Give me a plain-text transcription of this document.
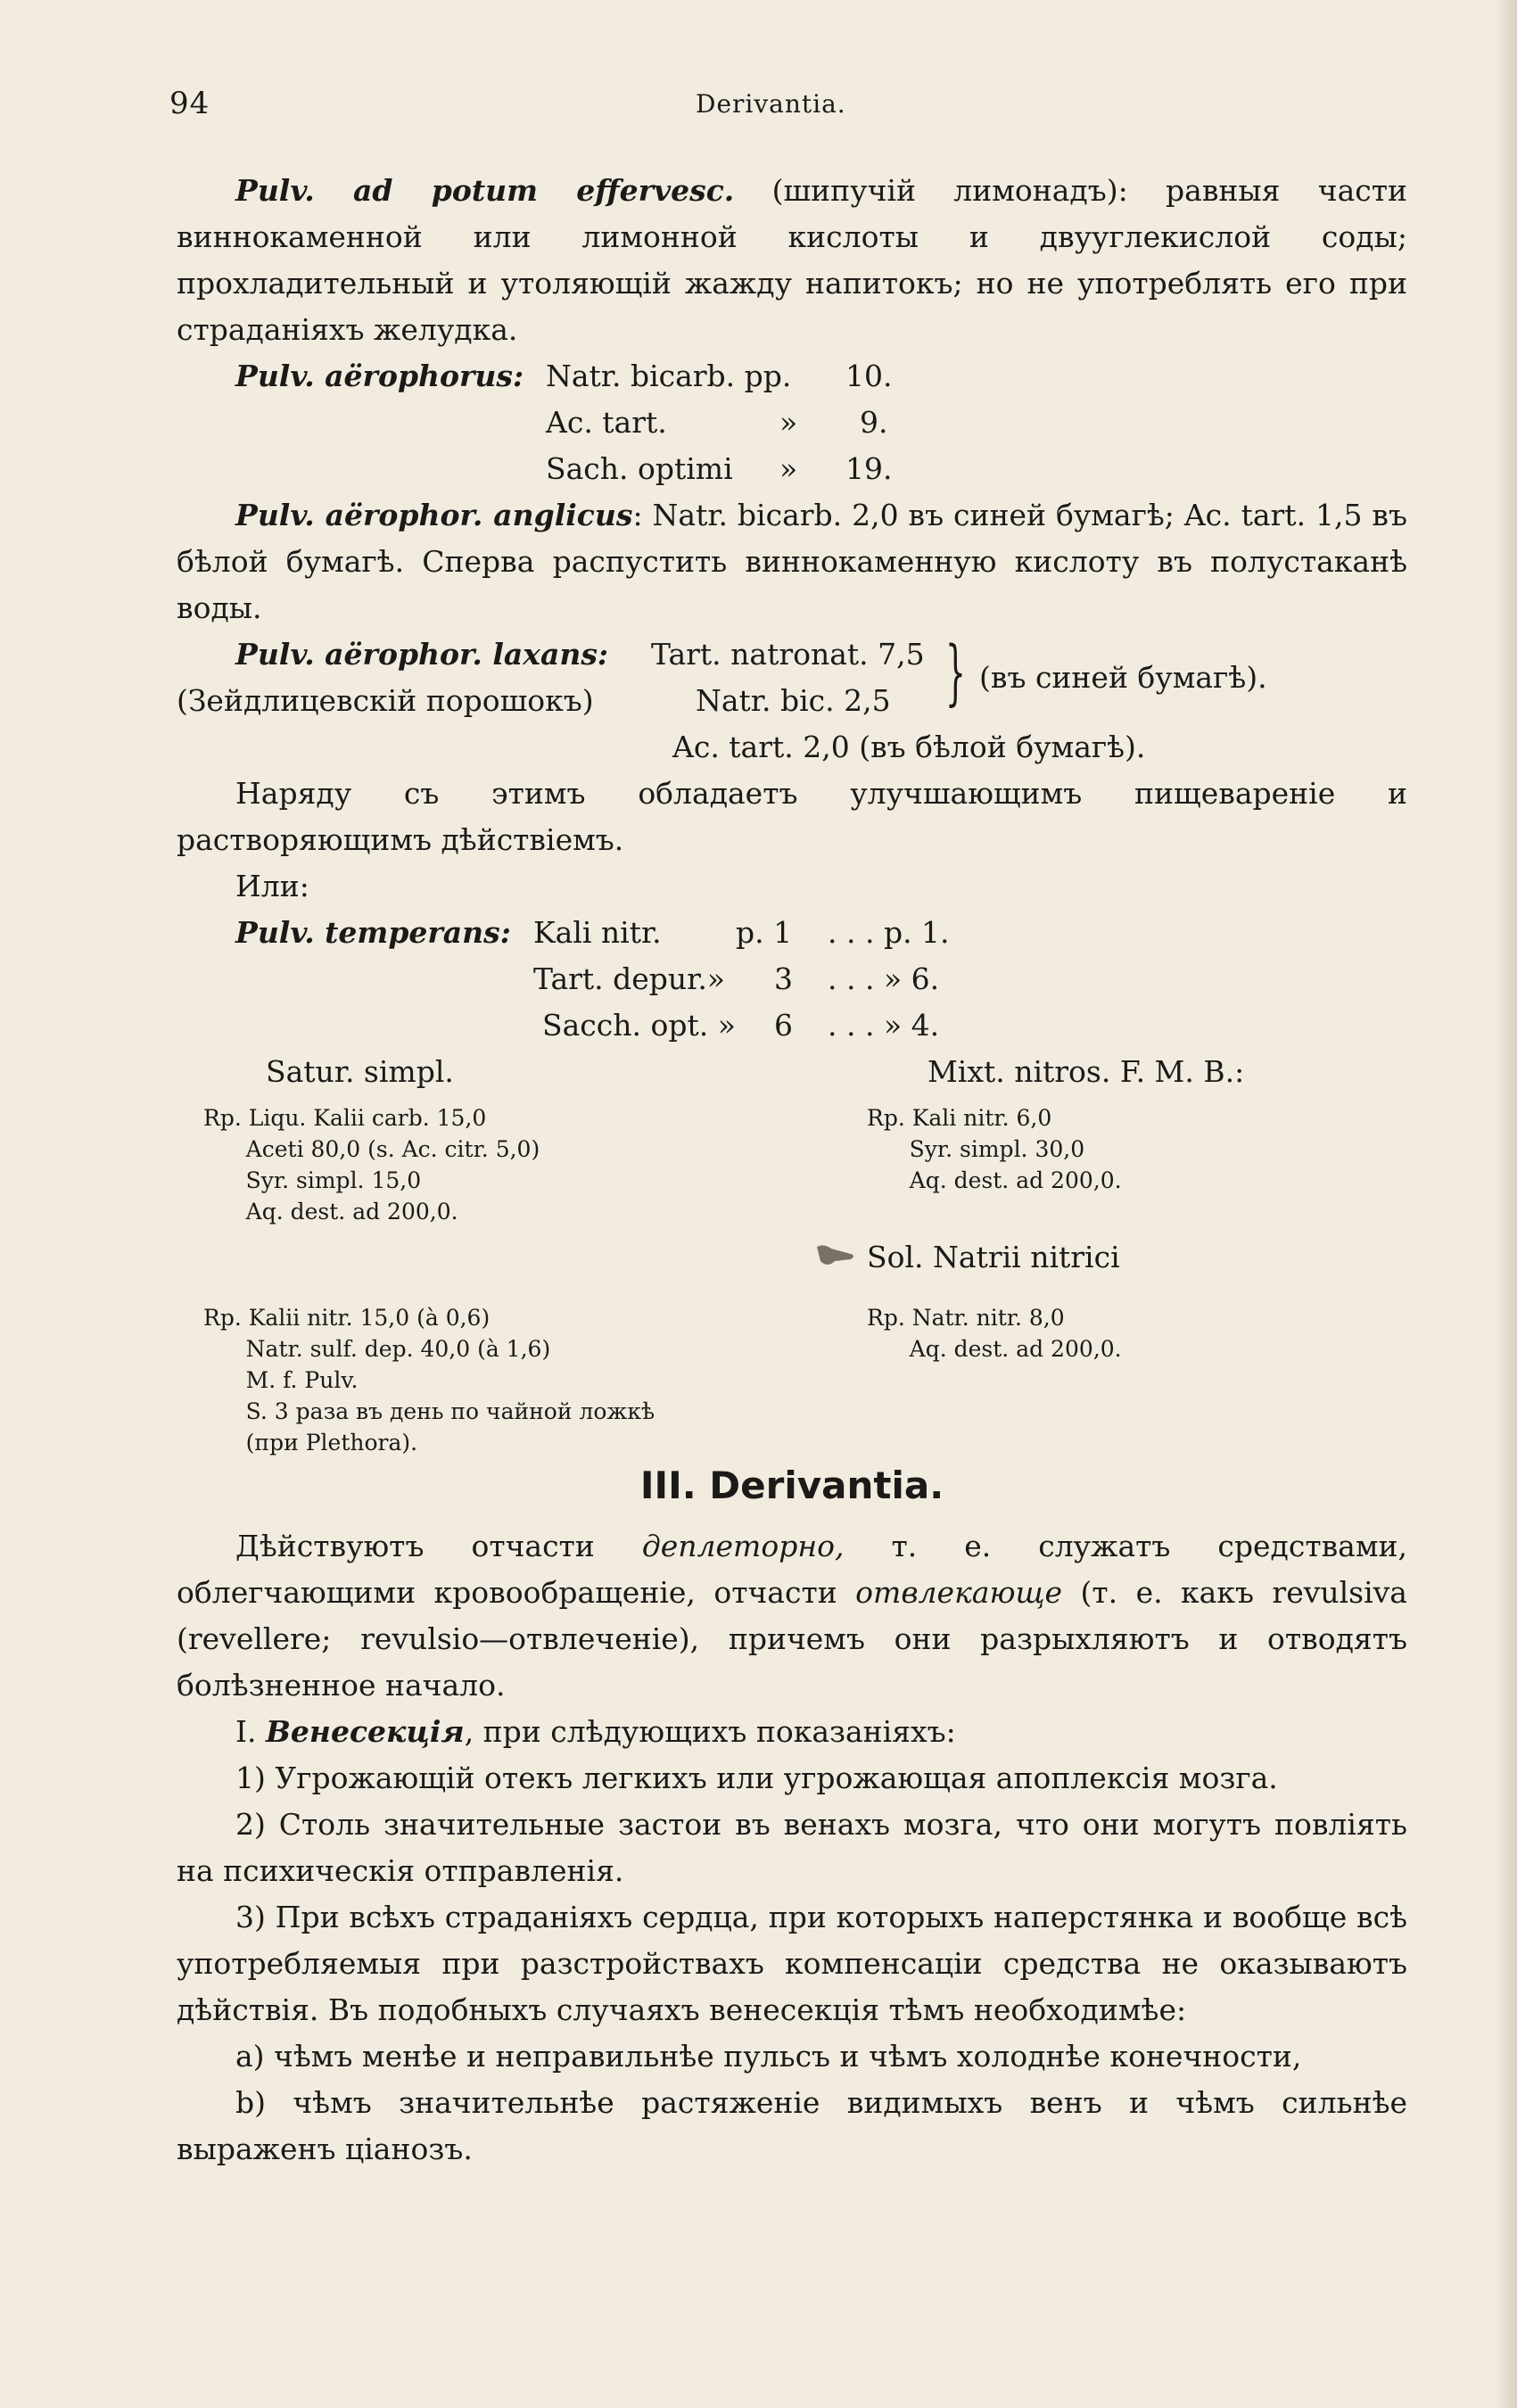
94	Derivantia.

Pulv. ad potum effervesc. (шипучій лимонадъ): равныя части виннокаменной или лимонной кислоты и двууглекислой соды; прохладительный и утоляющій жажду напитокъ; но не употреблять его при страданіяхъ желудка.

Pulv. aërophorus: Natr. bicarb. pp. 10.
Ac. tart.	» 9.
Sach. optimi » 19.

Pulv. aërophor. anglicus: Natr. bicarb. 2,0 въ синей бумагѣ; Ac. tart. 1,5 въ бѣлой бумагѣ. Сперва распустить виннокаменную кислоту въ полустаканѣ воды.

Pulv. aërophor. laxans: Tart. natronat. 7,5 } (въ синей бумагѣ).
(Зейдлицевскій порошокъ)	Natr. bic. 2,5
Ac. tart. 2,0 (въ бѣлой бумагѣ).

Наряду съ этимъ обладаетъ улучшающимъ пищевареніе и растворяющимъ дѣйствіемъ.

Или:

Pulv. temperans: Kali nitr.	p. 1 . . . p. 1.
Tart. depur.» 3 . . . » 6.
Sacch. opt. » 6 . . . » 4.
Satur. simpl.	Mixt. nitros. F. M. B.:
Rp. Liqu. Kalii carb. 15,0
Aceti 80,0 (s. Ac. citr. 5,0)
Syr. simpl. 15,0
Aq. dest. ad 200,0.
Rp. Kali nitr. 6,0
Syr. simpl. 30,0
Aq. dest. ad 200,0.
Sol. Natrii nitrici
Rp. Kalii nitr. 15,0 (à 0,6)
Natr. sulf. dep. 40,0 (à 1,6)
M. f. Pulv.
S. 3 раза въ день по чайной ложкѣ
(при Plethora).
Rp. Natr. nitr. 8,0
Aq. dest. ad 200,0.
III. Derivantia.

Дѣйствуютъ отчасти деплеторно, т. е. служатъ средствами, облегчающими кровообращеніе, отчасти отвлекающе (т. е. какъ revulsiva (revellere; revulsio—отвлеченіе), причемъ они разрыхляютъ и отводятъ болѣзненное начало.

I. Венесекція, при слѣдующихъ показаніяхъ:

1) Угрожающій отекъ легкихъ или угрожающая апоплексія мозга.

2) Столь значительные застои въ венахъ мозга, что они могутъ повліять на психическія отправленія.

3) При всѣхъ страданіяхъ сердца, при которыхъ наперстянка и вообще всѣ употребляемыя при разстройствахъ компенсаціи средства не оказываютъ дѣйствія. Въ подобныхъ случаяхъ венесекція тѣмъ необходимѣе:

a) чѣмъ менѣе и неправильнѣе пульсъ и чѣмъ холоднѣе конечности,

b) чѣмъ значительнѣе растяженіе видимыхъ венъ и чѣмъ сильнѣе выраженъ ціанозъ.
